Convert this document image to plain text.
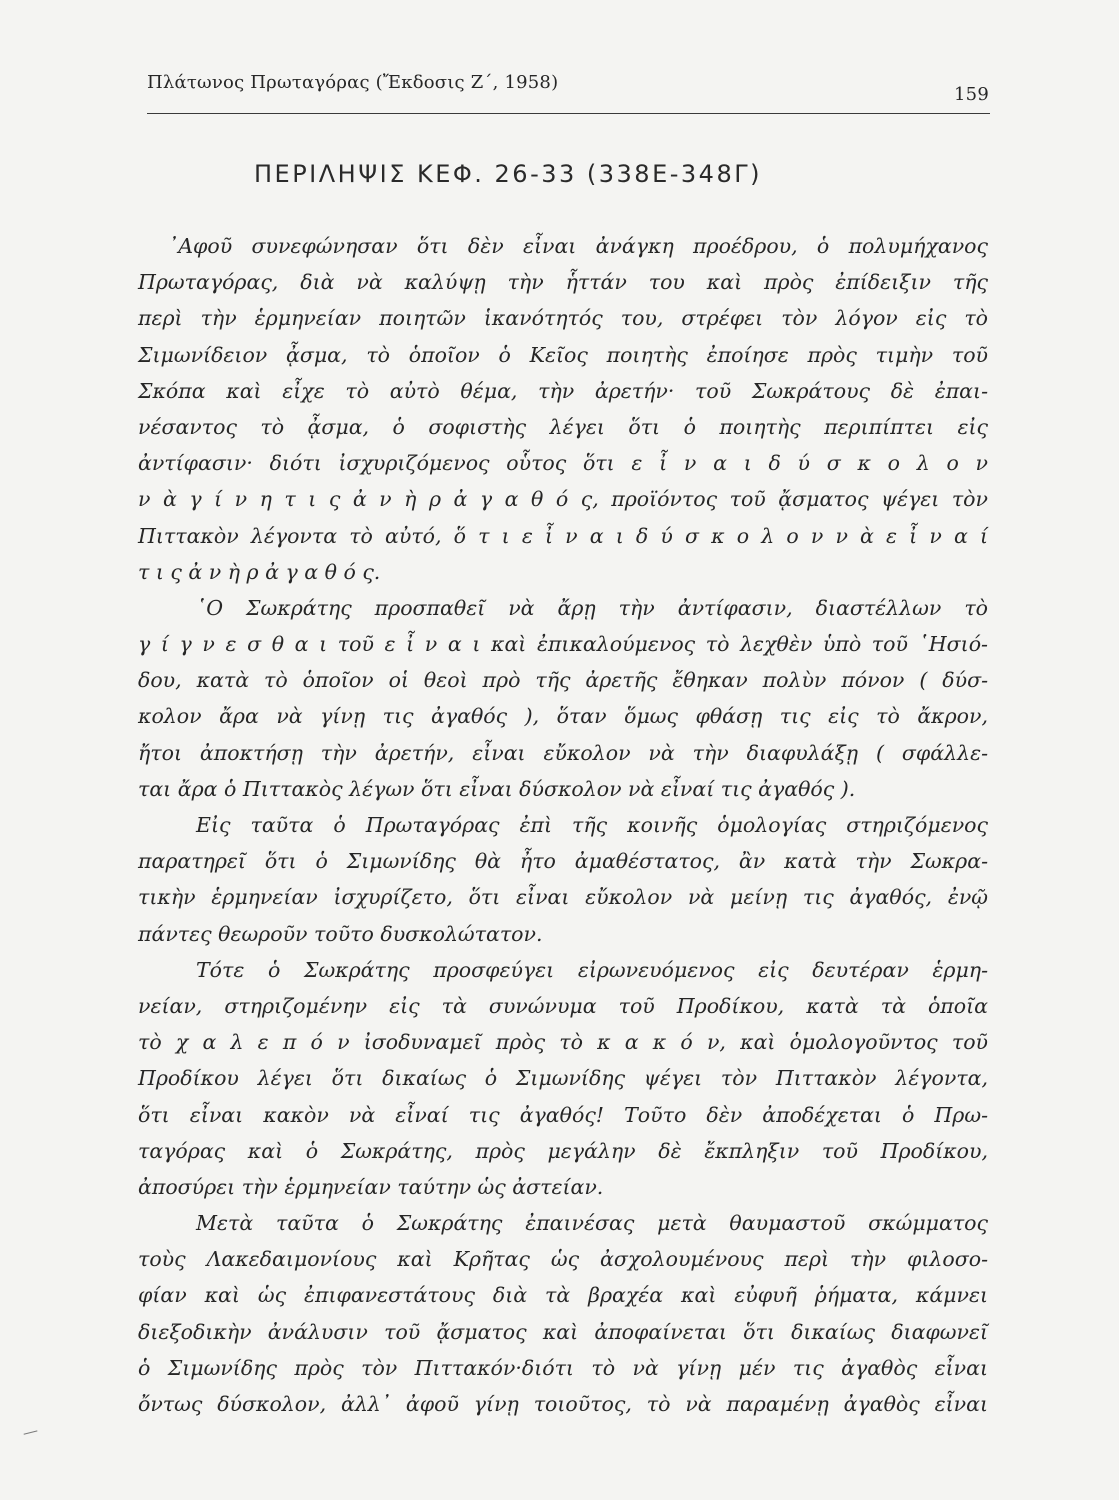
Πλάτωνος Πρωταγόρας (Ἔκδοσις Ζ΄, 1958)
159
ΠΕΡΙΛΗΨΙΣ ΚΕΦ. 26-33 (338Ε-348Γ)
᾿Αφοῦ συνεφώνησαν ὅτι δὲν εἶναι ἀνάγκη προέδρου, ὁ πολυμήχανος
Πρωταγόρας, διὰ νὰ καλύψῃ τὴν ἧττάν του καὶ πρὸς ἐπίδειξιν τῆς
περὶ τὴν ἑρμηνείαν ποιητῶν ἱκανότητός του, στρέφει τὸν λόγον εἰς τὸ
Σιμωνίδειον ᾆσμα, τὸ ὁποῖον ὁ Κεῖος ποιητὴς ἐποίησε πρὸς τιμὴν τοῦ
Σκόπα καὶ εἶχε τὸ αὐτὸ θέμα, τὴν ἀρετήν· τοῦ Σωκράτους δὲ ἐπαι-
νέσαντος τὸ ᾆσμα, ὁ σοφιστὴς λέγει ὅτι ὁ ποιητὴς περιπίπτει εἰς
ἀντίφασιν· διότι ἰσχυριζόμενος οὗτος ὅτι ε ἶ ν α ι δ ύ σ κ ο λ ο ν
ν ὰ γ ί ν η τ ι ς ἀ ν ὴ ρ ἀ γ α θ ό ς, προϊόντος τοῦ ᾄσματος ψέγει τὸν
Πιττακὸν λέγοντα τὸ αὐτό, ὅ τ ι ε ἶ ν α ι δ ύ σ κ ο λ ο ν ν ὰ ε ἶ ν α ί
τ ι ς ἀ ν ὴ ρ ἀ γ α θ ό ς.
῾Ο Σωκράτης προσπαθεῖ νὰ ἄρῃ τὴν ἀντίφασιν, διαστέλλων τὸ
γ ί γ ν ε σ θ α ι τοῦ ε ἶ ν α ι καὶ ἐπικαλούμενος τὸ λεχθὲν ὑπὸ τοῦ ῾Ησιό-
δου, κατὰ τὸ ὁποῖον οἱ θεοὶ πρὸ τῆς ἀρετῆς ἔθηκαν πολὺν πόνον ( δύσ-
κολον ἄρα νὰ γίνῃ τις ἀγαθός ), ὅταν ὅμως φθάσῃ τις εἰς τὸ ἄκρον,
ἤτοι ἀποκτήσῃ τὴν ἀρετήν, εἶναι εὔκολον νὰ τὴν διαφυλάξῃ ( σφάλλε-
ται ἄρα ὁ Πιττακὸς λέγων ὅτι εἶναι δύσκολον νὰ εἶναί τις ἀγαθός ).
Εἰς ταῦτα ὁ Πρωταγόρας ἐπὶ τῆς κοινῆς ὁμολογίας στηριζόμενος
παρατηρεῖ ὅτι ὁ Σιμωνίδης θὰ ἦτο ἀμαθέστατος, ἂν κατὰ τὴν Σωκρα-
τικὴν ἑρμηνείαν ἰσχυρίζετο, ὅτι εἶναι εὔκολον νὰ μείνῃ τις ἀγαθός, ἐνῷ
πάντες θεωροῦν τοῦτο δυσκολώτατον.
Τότε ὁ Σωκράτης προσφεύγει εἰρωνευόμενος εἰς δευτέραν ἑρμη-
νείαν, στηριζομένην εἰς τὰ συνώνυμα τοῦ Προδίκου, κατὰ τὰ ὁποῖα
τὸ χ α λ ε π ό ν ἰσοδυναμεῖ πρὸς τὸ κ α κ ό ν, καὶ ὁμολογοῦντος τοῦ
Προδίκου λέγει ὅτι δικαίως ὁ Σιμωνίδης ψέγει τὸν Πιττακὸν λέγοντα,
ὅτι εἶναι κακὸν νὰ εἶναί τις ἀγαθός! Τοῦτο δὲν ἀποδέχεται ὁ Πρω-
ταγόρας καὶ ὁ Σωκράτης, πρὸς μεγάλην δὲ ἔκπληξιν τοῦ Προδίκου,
ἀποσύρει τὴν ἑρμηνείαν ταύτην ὡς ἀστείαν.
Μετὰ ταῦτα ὁ Σωκράτης ἐπαινέσας μετὰ θαυμαστοῦ σκώμματος
τοὺς Λακεδαιμονίους καὶ Κρῆτας ὡς ἀσχολουμένους περὶ τὴν φιλοσο-
φίαν καὶ ὡς ἐπιφανεστάτους διὰ τὰ βραχέα καὶ εὐφυῆ ῥήματα, κάμνει
διεξοδικὴν ἀνάλυσιν τοῦ ᾄσματος καὶ ἀποφαίνεται ὅτι δικαίως διαφωνεῖ
ὁ Σιμωνίδης πρὸς τὸν Πιττακόν·διότι τὸ νὰ γίνῃ μέν τις ἀγαθὸς εἶναι
ὄντως δύσκολον, ἀλλ᾿ ἀφοῦ γίνῃ τοιοῦτος, τὸ νὰ παραμένῃ ἀγαθὸς εἶναι
